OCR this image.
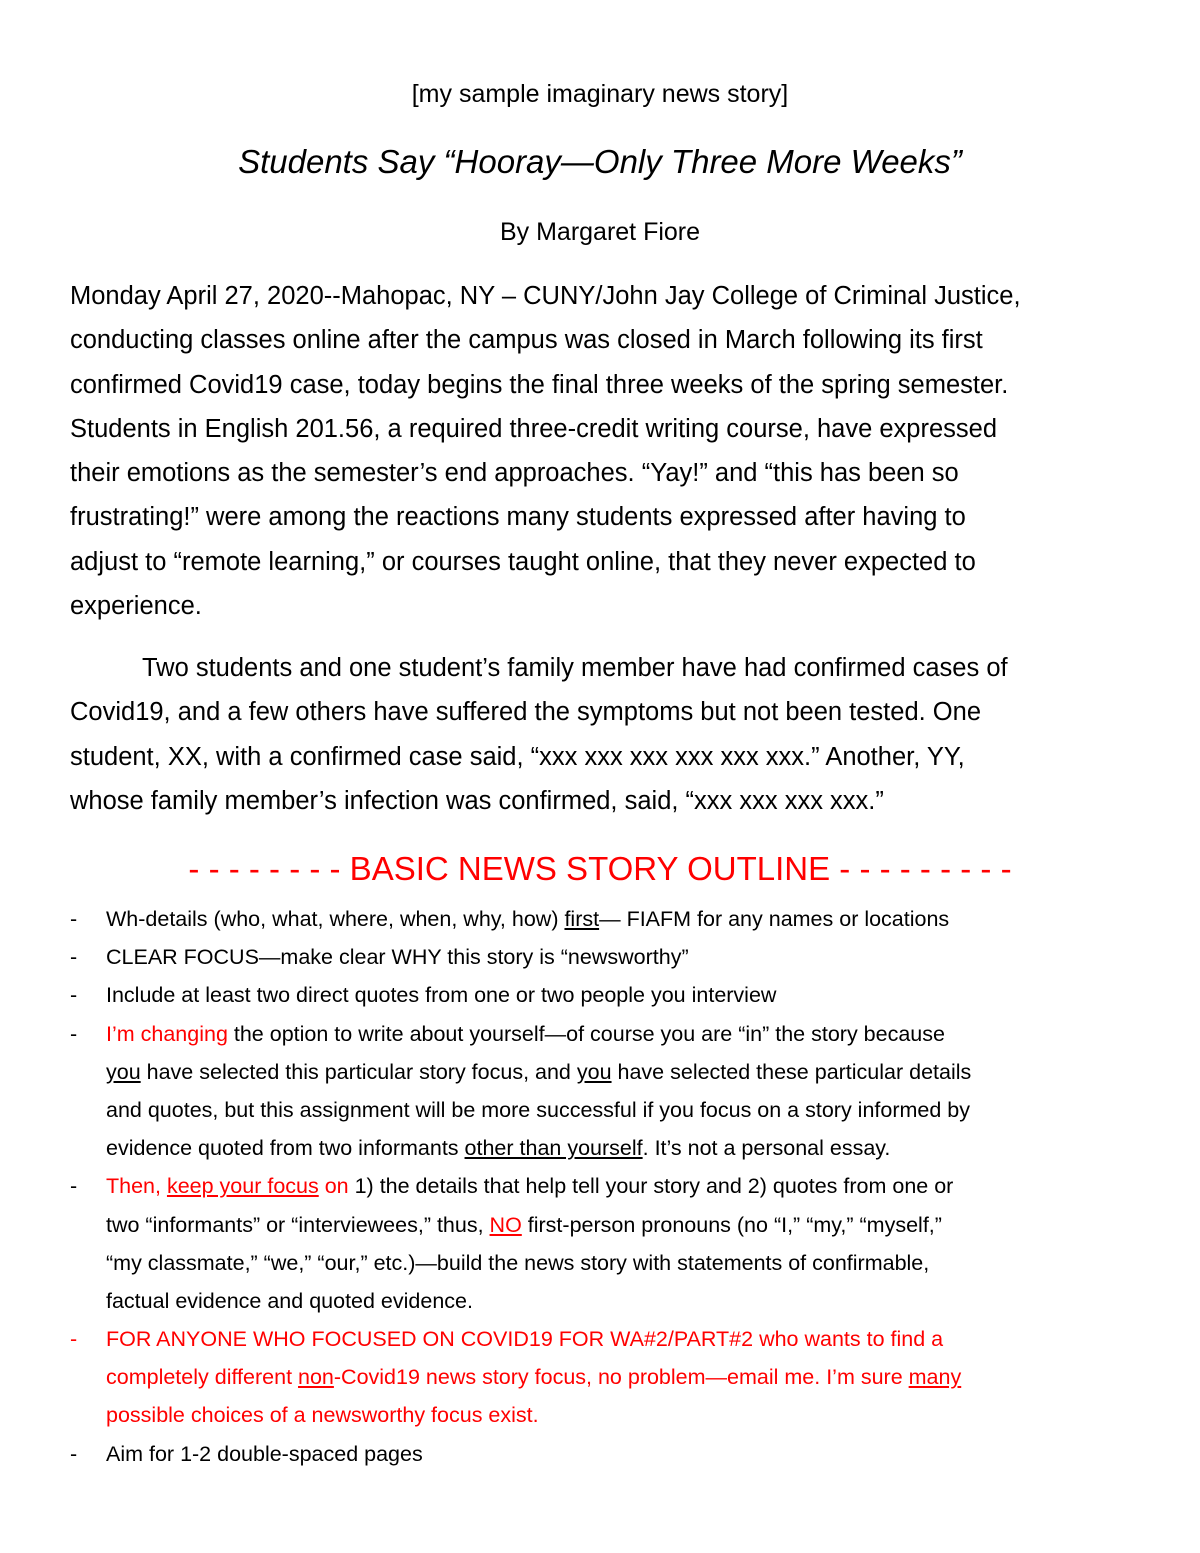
[my sample imaginary news story]
Students Say “Hooray—Only Three More Weeks”
By Margaret Fiore
Monday April 27, 2020--Mahopac, NY – CUNY/John Jay College of Criminal Justice,
conducting classes online after the campus was closed in March following its first
confirmed Covid19 case, today begins the final three weeks of the spring semester.
Students in English 201.56, a required three-credit writing course, have expressed
their emotions as the semester’s end approaches. “Yay!” and “this has been so
frustrating!” were among the reactions many students expressed after having to
adjust to “remote learning,” or courses taught online, that they never expected to
experience.
Two students and one student’s family member have had confirmed cases of
Covid19, and a few others have suffered the symptoms but not been tested. One
student, XX, with a confirmed case said, “xxx xxx xxx xxx xxx xxx.” Another, YY,
whose family member’s infection was confirmed, said, “xxx xxx xxx xxx.”
- - - - - - - - BASIC NEWS STORY OUTLINE - - - - - - - - -
- Wh-details (who, what, where, when, why, how) first— FIAFM for any names or locations
- CLEAR FOCUS—make clear WHY this story is “newsworthy”
- Include at least two direct quotes from one or two people you interview
- I’m changing the option to write about yourself—of course you are “in” the story because
you have selected this particular story focus, and you have selected these particular details
and quotes, but this assignment will be more successful if you focus on a story informed by
evidence quoted from two informants other than yourself. It’s not a personal essay.
- Then, keep your focus on 1) the details that help tell your story and 2) quotes from one or
two “informants” or “interviewees,” thus, NO first-person pronouns (no “I,” “my,” “myself,”
“my classmate,” “we,” “our,” etc.)—build the news story with statements of confirmable,
factual evidence and quoted evidence.
- FOR ANYONE WHO FOCUSED ON COVID19 FOR WA#2/PART#2 who wants to find a
completely different non-Covid19 news story focus, no problem—email me. I’m sure many
possible choices of a newsworthy focus exist.
- Aim for 1-2 double-spaced pages
